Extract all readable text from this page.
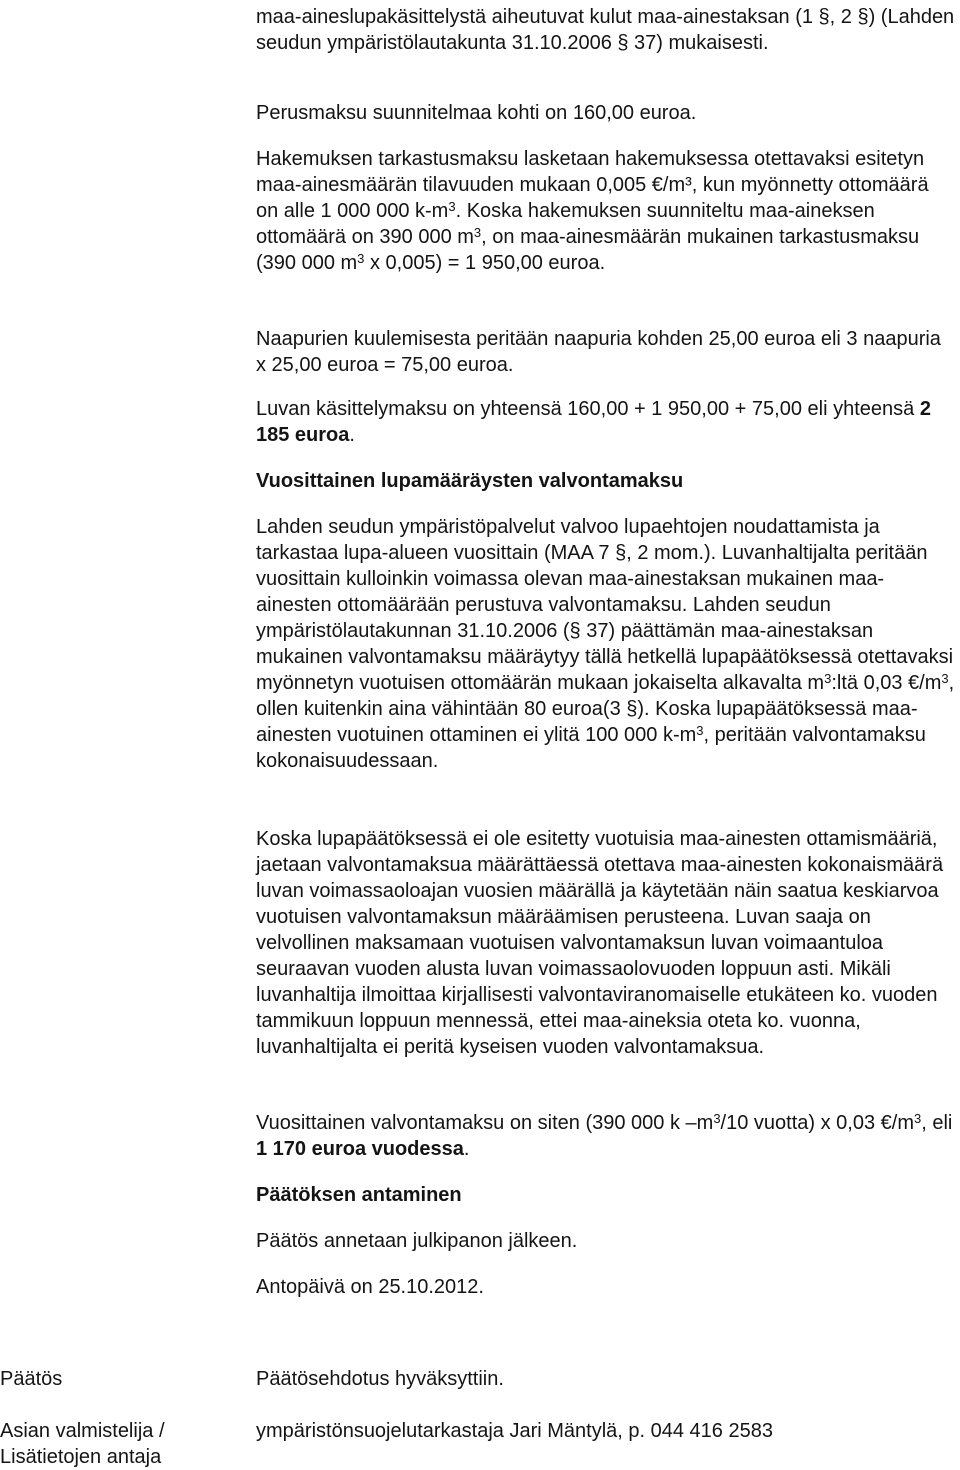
maa-aineslupakäsittelystä aiheutuvat kulut maa-ainestaksan (1 §, 2 §) (Lahden seudun ympäristölautakunta 31.10.2006 § 37) mukaisesti.

Perusmaksu suunnitelmaa kohti on 160,00 euroa.

Hakemuksen tarkastusmaksu lasketaan hakemuksessa otettavaksi esitetyn maa-ainesmäärän tilavuuden mukaan 0,005 €/m³, kun myönnetty ottomäärä on alle 1 000 000 $k-m^3$. Koska hakemuksen suunniteltu maa-aineksen ottomäärä on 390 000 $m^3$, on maa-ainesmäärän mukainen tarkastusmaksu (390 000 $m^3$ x 0,005) = 1 950,00 euroa.

Naapurien kuulemisesta peritään naapuria kohden 25,00 euroa eli 3 naapuria x 25,00 euroa = 75,00 euroa.

Luvan käsittelymaksu on yhteensä 160,00 + 1 950,00 + 75,00 eli yhteensä 2 185 euroa.

Vuosittainen lupamääräysten valvontamaksu

Lahden seudun ympäristöpalvelut valvoo lupaehtojen noudattamista ja tarkastaa lupa-alueen vuosittain (MAA 7 §, 2 mom.). Luvanhaltijalta peritään vuosittain kulloinkin voimassa olevan maa-ainestaksan mukainen maa-ainesten ottomäärään perustuva valvontamaksu. Lahden seudun ympäristölautakunnan 31.10.2006 (§ 37) päättämän maa-ainestaksan mukainen valvontamaksu määräytyy tällä hetkellä lupapäätöksessä otettavaksi myönnetyn vuotuisen ottomäärän mukaan jokaiselta alkavalta $m^3:ltä$ 0,03 $€/m^3$, ollen kuitenkin aina vähintään 80 euroa(3 §). Koska lupapäätöksessä maa-ainesten vuotuinen ottaminen ei ylitä 100 000 $k-m^3$, peritään valvontamaksu kokonaisuudessaan.

Koska lupapäätöksessä ei ole esitetty vuotuisia maa-ainesten ottamismääriä, jaetaan valvontamaksua määrättäessä otettava maa-ainesten kokonaismäärä luvan voimassaoloajan vuosien määrällä ja käytetään näin saatua keskiarvoa vuotuisen valvontamaksun määräämisen perusteena. Luvan saaja on velvollinen maksamaan vuotuisen valvontamaksun luvan voimaantuloa seuraavan vuoden alusta luvan voimassaolovuoden loppuun asti. Mikäli luvanhaltija ilmoittaa kirjallisesti valvontaviranomaiselle etukäteen ko. vuoden tammikuun loppuun mennessä, ettei maa-aineksia oteta ko. vuonna, luvanhaltijalta ei peritä kyseisen vuoden valvontamaksua.

Vuosittainen valvontamaksu on siten (390 000 k $-m^3/10$ vuotta) x 0,03 $€/m^3$, eli 1 170 euroa vuodessa.

Päätöksen antaminen

Päätös annetaan julkipanon jälkeen.

Antopäivä on 25.10.2012.

Päätös	Päätösehdotus hyväksyttiin.
Asian valmistelija /
Lisätietojen antaja
ympäristönsuojelutarkastaja Jari Mäntylä, p. 044 416 2583
